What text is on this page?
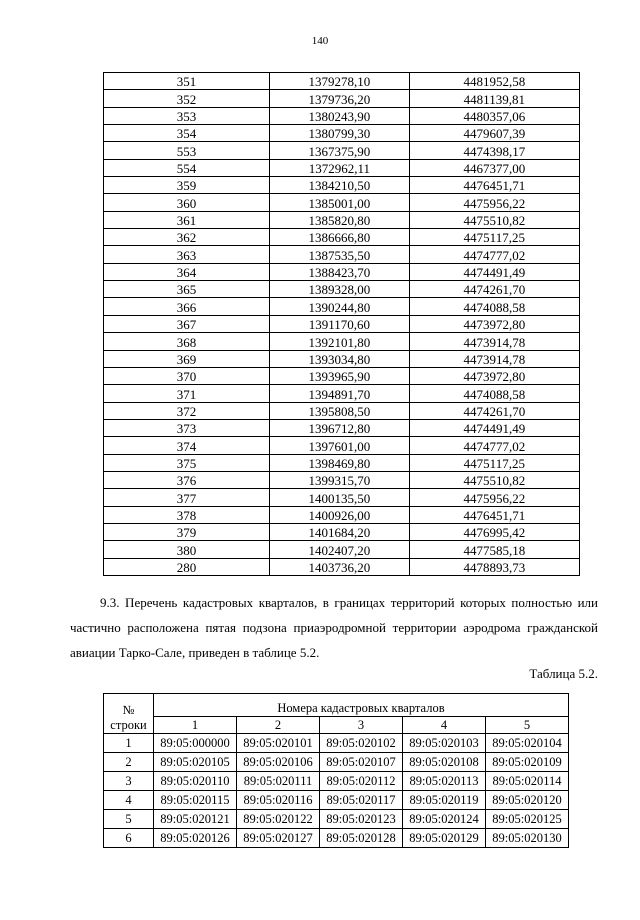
140
351	1379278,10	4481952,58
352	1379736,20	4481139,81
353	1380243,90	4480357,06
354	1380799,30	4479607,39
553	1367375,90	4474398,17
554	1372962,11	4467377,00
359	1384210,50	4476451,71
360	1385001,00	4475956,22
361	1385820,80	4475510,82
362	1386666,80	4475117,25
363	1387535,50	4474777,02
364	1388423,70	4474491,49
365	1389328,00	4474261,70
366	1390244,80	4474088,58
367	1391170,60	4473972,80
368	1392101,80	4473914,78
369	1393034,80	4473914,78
370	1393965,90	4473972,80
371	1394891,70	4474088,58
372	1395808,50	4474261,70
373	1396712,80	4474491,49
374	1397601,00	4474777,02
375	1398469,80	4475117,25
376	1399315,70	4475510,82
377	1400135,50	4475956,22
378	1400926,00	4476451,71
379	1401684,20	4476995,42
380	1402407,20	4477585,18
280	1403736,20	4478893,73
9.3. Перечень кадастровых кварталов, в границах территорий которых полностью или частично расположена пятая подзона приаэродромной территории аэродрома гражданской авиации Тарко-Сале, приведен в таблице 5.2.
Таблица 5.2.
№
строки	Номера кадастровых кварталов				
	1	2	3	4	5
1	89:05:000000	89:05:020101	89:05:020102	89:05:020103	89:05:020104
2	89:05:020105	89:05:020106	89:05:020107	89:05:020108	89:05:020109
3	89:05:020110	89:05:020111	89:05:020112	89:05:020113	89:05:020114
4	89:05:020115	89:05:020116	89:05:020117	89:05:020119	89:05:020120
5	89:05:020121	89:05:020122	89:05:020123	89:05:020124	89:05:020125
6	89:05:020126	89:05:020127	89:05:020128	89:05:020129	89:05:020130
